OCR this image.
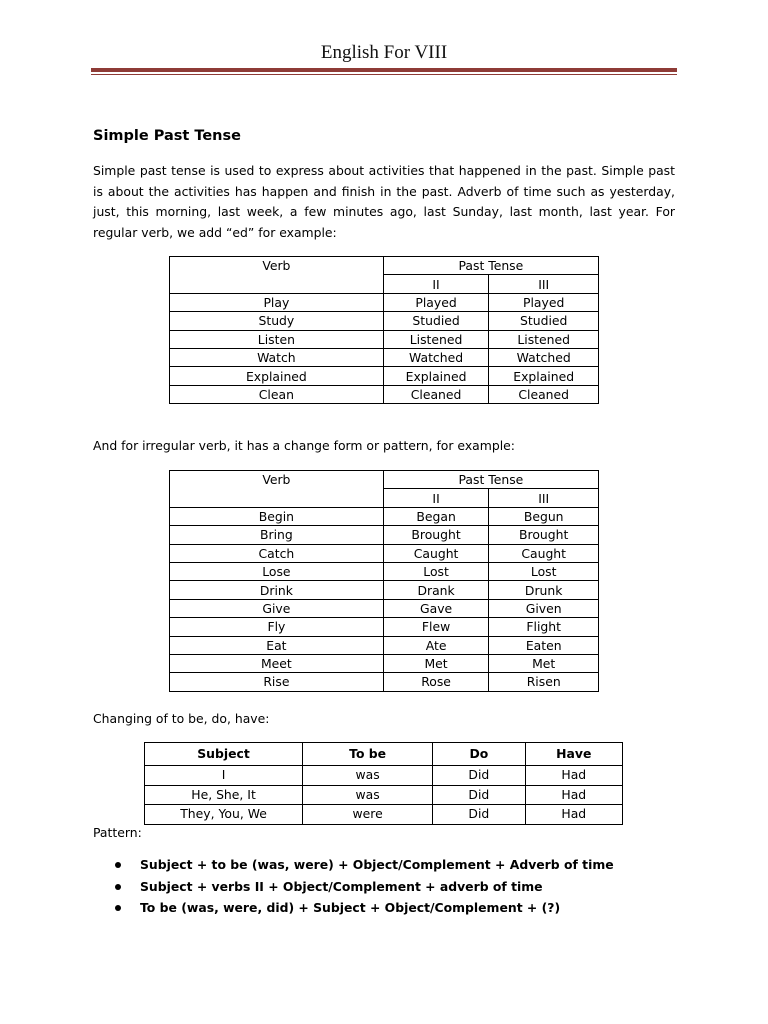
English For VIII
Simple Past Tense
Simple past tense is used to express about activities that happened in the past. Simple past is about the activities has happen and finish in the past. Adverb of time such as yesterday, just, this morning, last week, a few minutes ago, last Sunday, last month, last year. For regular verb, we add “ed” for example:
Verb	Past Tense	
	II	III
Play	Played	Played
Study	Studied	Studied
Listen	Listened	Listened
Watch	Watched	Watched
Explained	Explained	Explained
Clean	Cleaned	Cleaned
And for irregular verb, it has a change form or pattern, for example:
Verb	Past Tense	
	II	III
Begin	Began	Begun
Bring	Brought	Brought
Catch	Caught	Caught
Lose	Lost	Lost
Drink	Drank	Drunk
Give	Gave	Given
Fly	Flew	Flight
Eat	Ate	Eaten
Meet	Met	Met
Rise	Rose	Risen
Changing of to be, do, have:
Subject	To be	Do	Have
I	was	Did	Had
He, She, It	was	Did	Had
They, You, We	were	Did	Had
Pattern:
Subject + to be (was, were) + Object/Complement + Adverb of time
Subject + verbs II + Object/Complement + adverb of time
To be (was, were, did) + Subject + Object/Complement + (?)
